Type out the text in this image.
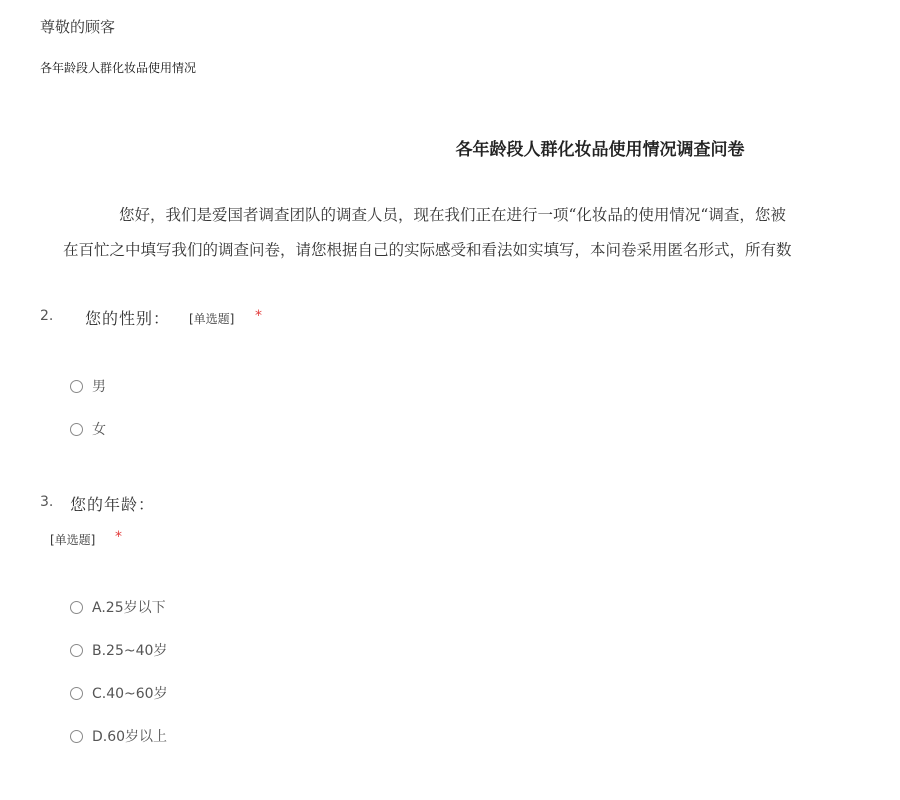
尊敬的顾客
各年龄段人群化妆品使用情况
各年龄段人群化妆品使用情况调查问卷
您好，我们是爱国者调查团队的调查人员，现在我们正在进行一项“化妆品的使用情况“调查，您被
在百忙之中填写我们的调查问卷，请您根据自己的实际感受和看法如实填写，本问卷采用匿名形式，所有数
2. 您的性别： [单选题] *
男
女
3. 您的年龄：
[单选题] *
A.25岁以下
B.25~40岁
C.40~60岁
D.60岁以上
